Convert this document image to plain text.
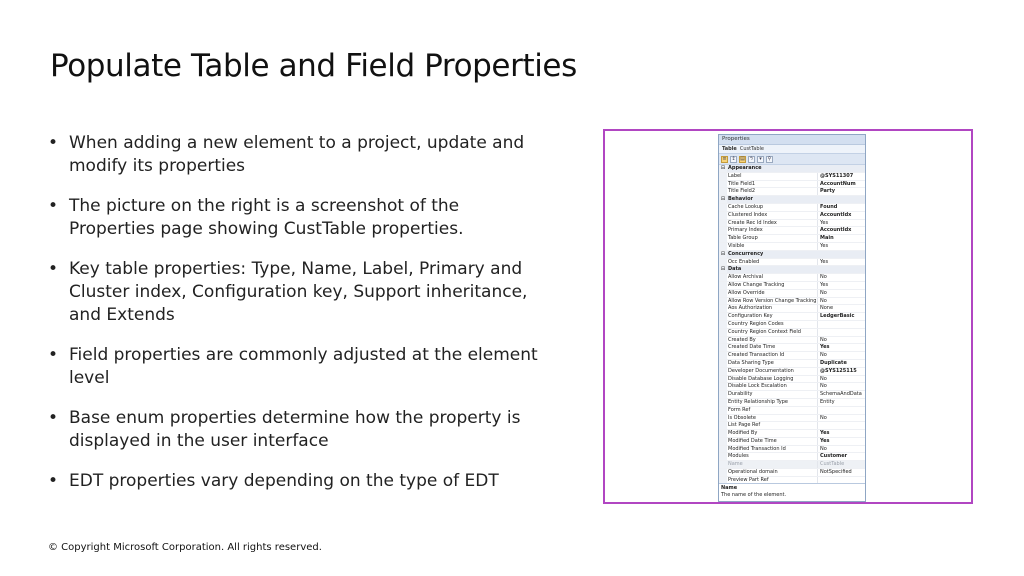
Populate Table and Field Properties
• When adding a new element to a project, update and modify its properties
• The picture on the right is a screenshot of the Properties page showing CustTable properties.
• Key table properties: Type, Name, Label, Primary and Cluster index, Configuration key, Support inheritance, and Extends
• Field properties are commonly adjusted at the element level
• Base enum properties determine how the property is displayed in the user interface
• EDT properties vary depending on the type of EDT
Properties
Table CustTable
≡ ↕ ▤ ϟ	▾	⚲
⊟ Appearance
Label	@SYS11307
Title Field1	AccountNum
Title Field2	Party
⊟ Behavior
Cache Lookup	Found
Clustered Index	AccountIdx
Create Rec Id Index	Yes
Primary Index	AccountIdx
Table Group	Main
Visible	Yes
⊟ Concurrency
Occ Enabled	Yes
⊟ Data
Allow Archival	No
Allow Change Tracking	Yes
Allow Override	No
Allow Row Version Change Tracking No
Aos Authorization	None
Configuration Key	LedgerBasic
Country Region Codes
Country Region Context Field
Created By	No
Created Date Time	Yes
Created Transaction Id	No
Data Sharing Type	Duplicate
Developer Documentation	@SYS125115
Disable Database Logging	No
Disable Lock Escalation	No
Durability	SchemaAndData
Entity Relationship Type	Entity
Form Ref
Is Obsolete	No
List Page Ref
Modified By	Yes
Modified Date Time	Yes
Modified Transaction Id	No
Modules	Customer
Name	CustTable
Operational domain	NotSpecified
Preview Part Ref
Name
The name of the element.
© Copyright Microsoft Corporation. All rights reserved.
